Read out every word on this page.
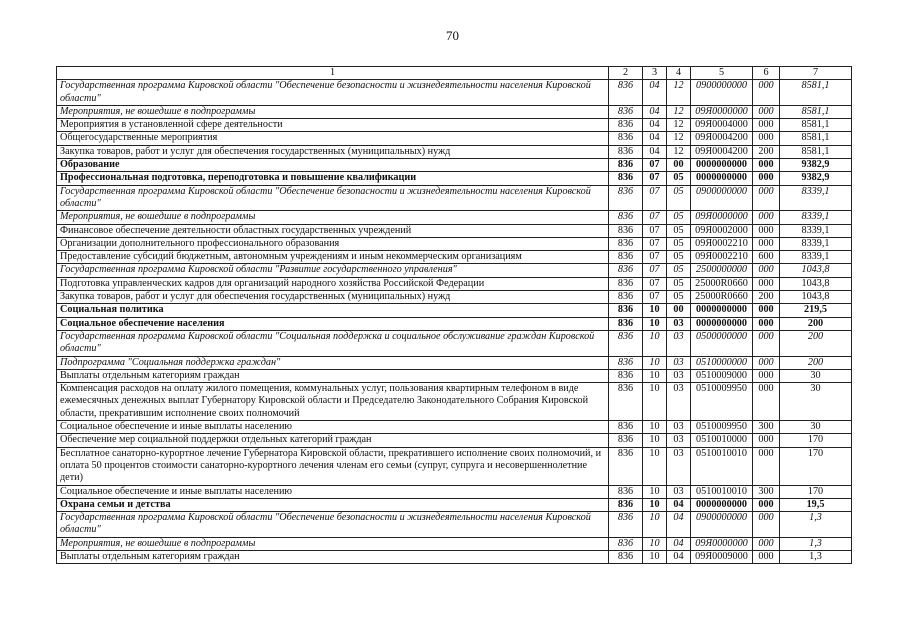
70
1	2	3	4	5	6	7
Государственная программа Кировской области "Обеспечение безопасности и жизнедеятельности населения Кировской области"	836	04	12	0900000000	000	8581,1
Мероприятия, не вошедшие в подпрограммы	836	04	12	09Я0000000	000	8581,1
Мероприятия в установленной сфере деятельности	836	04	12	09Я0004000	000	8581,1
Общегосударственные мероприятия	836	04	12	09Я0004200	000	8581,1
Закупка товаров, работ и услуг для обеспечения государственных (муниципальных) нужд	836	04	12	09Я0004200	200	8581,1
Образование	836	07	00	0000000000	000	9382,9
Профессиональная подготовка, переподготовка и повышение квалификации	836	07	05	0000000000	000	9382,9
Государственная программа Кировской области "Обеспечение безопасности и жизнедеятельности населения Кировской области"	836	07	05	0900000000	000	8339,1
Мероприятия, не вошедшие в подпрограммы	836	07	05	09Я0000000	000	8339,1
Финансовое обеспечение деятельности областных государственных учреждений	836	07	05	09Я0002000	000	8339,1
Организации дополнительного профессионального образования	836	07	05	09Я0002210	000	8339,1
Предоставление субсидий бюджетным, автономным учреждениям и иным некоммерческим организациям	836	07	05	09Я0002210	600	8339,1
Государственная программа Кировской области "Развитие государственного управления"	836	07	05	2500000000	000	1043,8
Подготовка управленческих кадров для организаций народного хозяйства Российской Федерации	836	07	05	25000R0660	000	1043,8
Закупка товаров, работ и услуг для обеспечения государственных (муниципальных) нужд	836	07	05	25000R0660	200	1043,8
Социальная политика	836	10	00	0000000000	000	219,5
Социальное обеспечение населения	836	10	03	0000000000	000	200
Государственная программа Кировской области "Социальная поддержка и социальное обслуживание граждан Кировской области"	836	10	03	0500000000	000	200
Подпрограмма "Социальная поддержка граждан"	836	10	03	0510000000	000	200
Выплаты отдельным категориям граждан	836	10	03	0510009000	000	30
Компенсация расходов на оплату жилого помещения, коммунальных услуг, пользования квартирным телефоном в виде ежемесячных денежных выплат Губернатору Кировской области и Председателю Законодательного Собрания Кировской области, прекратившим исполнение своих полномочий	836	10	03	0510009950	000	30
Социальное обеспечение и иные выплаты населению	836	10	03	0510009950	300	30
Обеспечение мер социальной поддержки отдельных категорий граждан	836	10	03	0510010000	000	170
Бесплатное санаторно-курортное лечение Губернатора Кировской области, прекратившего исполнение своих полномочий, и оплата 50 процентов стоимости санаторно-курортного лечения членам его семьи (супруг, супруга и несовершеннолетние дети)	836	10	03	0510010010	000	170
Социальное обеспечение и иные выплаты населению	836	10	03	0510010010	300	170
Охрана семьи и детства	836	10	04	0000000000	000	19,5
Государственная программа Кировской области "Обеспечение безопасности и жизнедеятельности населения Кировской области"	836	10	04	0900000000	000	1,3
Мероприятия, не вошедшие в подпрограммы	836	10	04	09Я0000000	000	1,3
Выплаты отдельным категориям граждан	836	10	04	09Я0009000	000	1,3
